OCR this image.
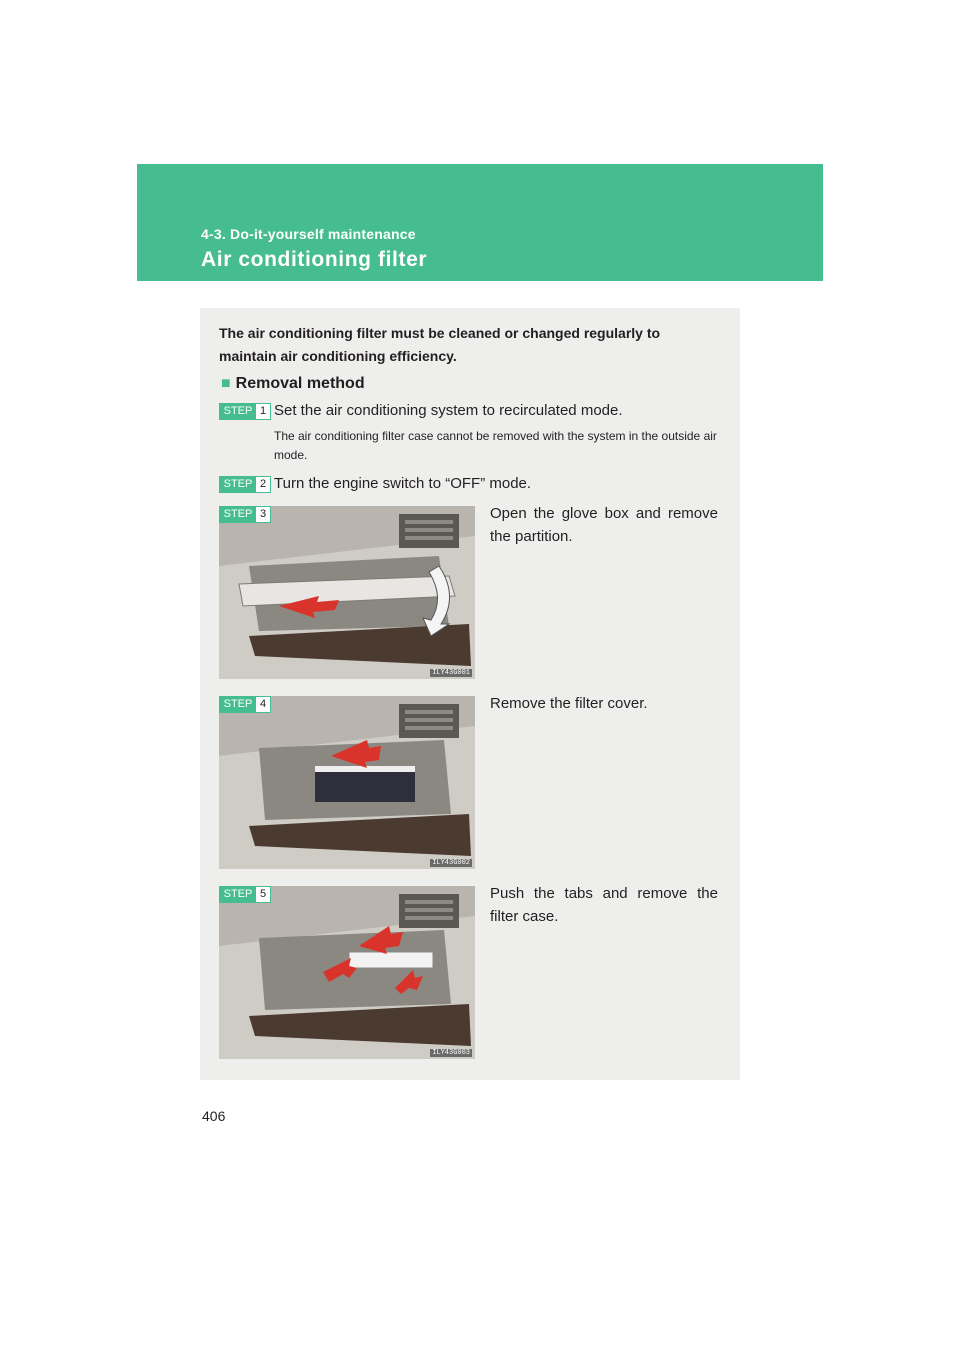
4-3. Do-it-yourself maintenance
Air conditioning filter

The air conditioning filter must be cleaned or changed regularly to maintain air conditioning efficiency.

■ Removal method
STEP 1 Set the air conditioning system to recirculated mode.
The air conditioning filter case cannot be removed with the system in the outside air mode.
STEP 2 Turn the engine switch to “OFF” mode.
STEP 3
ILY43G001
Open the glove box and remove the partition.
STEP 4
ILY43G002
Remove the filter cover.
STEP 5
ILY43G003
Push the tabs and remove the filter case.
406
